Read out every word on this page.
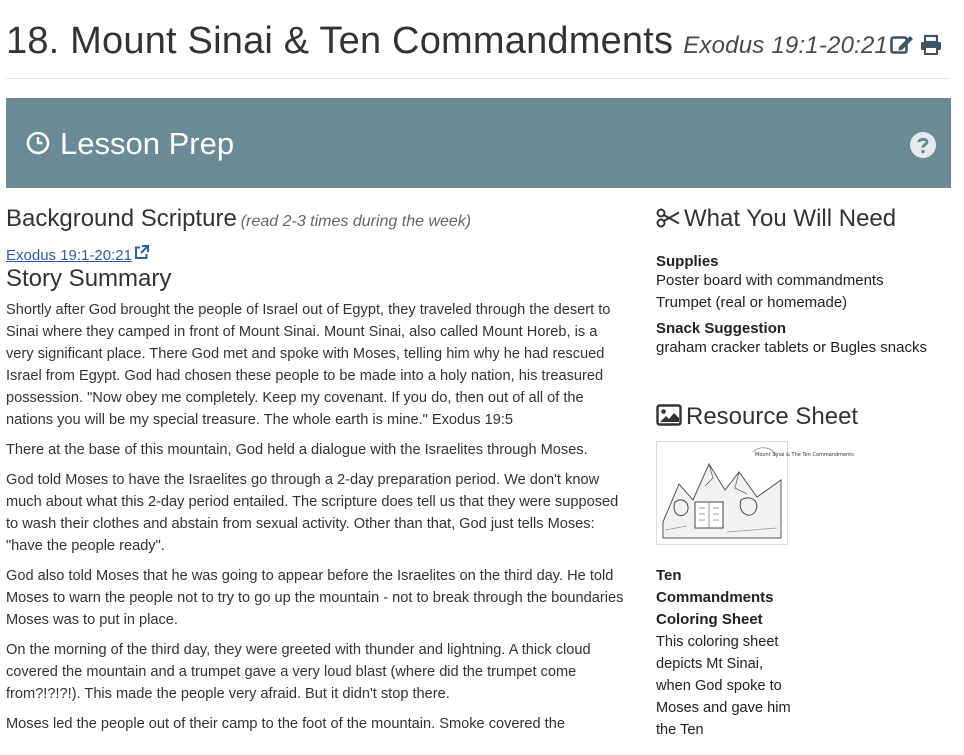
18. Mount Sinai & Ten Commandments Exodus 19:1-20:21
Lesson Prep
Background Scripture (read 2-3 times during the week)
Exodus 19:1-20:21
Story Summary

Shortly after God brought the people of Israel out of Egypt, they traveled through the desert to Sinai where they camped in front of Mount Sinai. Mount Sinai, also called Mount Horeb, is a very significant place. There God met and spoke with Moses, telling him why he had rescued Israel from Egypt. God had chosen these people to be made into a holy nation, his treasured possession. "Now obey me completely. Keep my covenant. If you do, then out of all of the nations you will be my special treasure. The whole earth is mine." Exodus 19:5

There at the base of this mountain, God held a dialogue with the Israelites through Moses.

God told Moses to have the Israelites go through a 2-day preparation period. We don't know much about what this 2-day period entailed. The scripture does tell us that they were supposed to wash their clothes and abstain from sexual activity. Other than that, God just tells Moses: "have the people ready".

God also told Moses that he was going to appear before the Israelites on the third day. He told Moses to warn the people not to try to go up the mountain - not to break through the boundaries Moses was to put in place.

On the morning of the third day, they were greeted with thunder and lightning. A thick cloud covered the mountain and a trumpet gave a very loud blast (where did the trumpet come from?!?!?!). This made the people very afraid. But it didn't stop there.

Moses led the people out of their camp to the foot of the mountain. Smoke covered the

What You Will Need
Supplies
Poster board with commandments
Trumpet (real or homemade)
Snack Suggestion
graham cracker tablets or Bugles snacks
Resource Sheet
Mount Sinai & The Ten Commandments
Ten Commandments Coloring Sheet
This coloring sheet depicts Mt Sinai, when God spoke to Moses and gave him the Ten
